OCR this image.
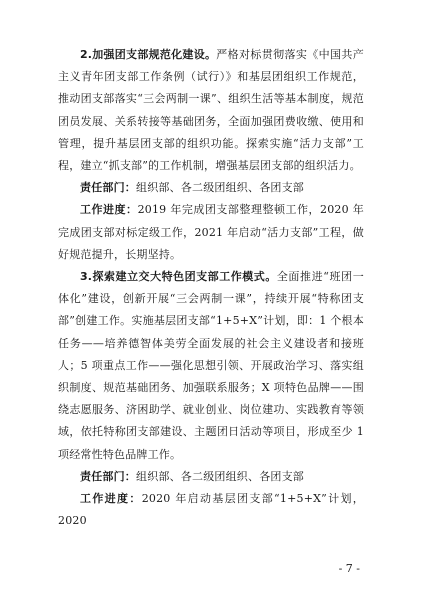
2.加强团支部规范化建设。严格对标贯彻落实《中国共产主义青年团支部工作条例（试行）》和基层团组织工作规范，推动团支部落实“三会两制一课”、组织生活等基本制度，规范团员发展、关系转接等基础团务，全面加强团费收缴、使用和管理，提升基层团支部的组织功能。探索实施“活力支部”工程，建立“抓支部”的工作机制，增强基层团支部的组织活力。

责任部门：组织部、各二级团组织、各团支部

工作进度：2019 年完成团支部整理整顿工作，2020 年完成团支部对标定级工作，2021 年启动“活力支部”工程，做好规范提升，长期坚持。

3.探索建立交大特色团支部工作模式。全面推进“班团一体化”建设，创新开展“三会两制一课”，持续开展“特称团支部”创建工作。实施基层团支部“1+5+X”计划，即：1 个根本任务——培养德智体美劳全面发展的社会主义建设者和接班人；5 项重点工作——强化思想引领、开展政治学习、落实组织制度、规范基础团务、加强联系服务；X 项特色品牌——围绕志愿服务、济困助学、就业创业、岗位建功、实践教育等领域，依托特称团支部建设、主题团日活动等项目，形成至少 1 项经常性特色品牌工作。

责任部门：组织部、各二级团组织、各团支部

工作进度：2020 年启动基层团支部“1+5+X”计划，2020

- 7 -
